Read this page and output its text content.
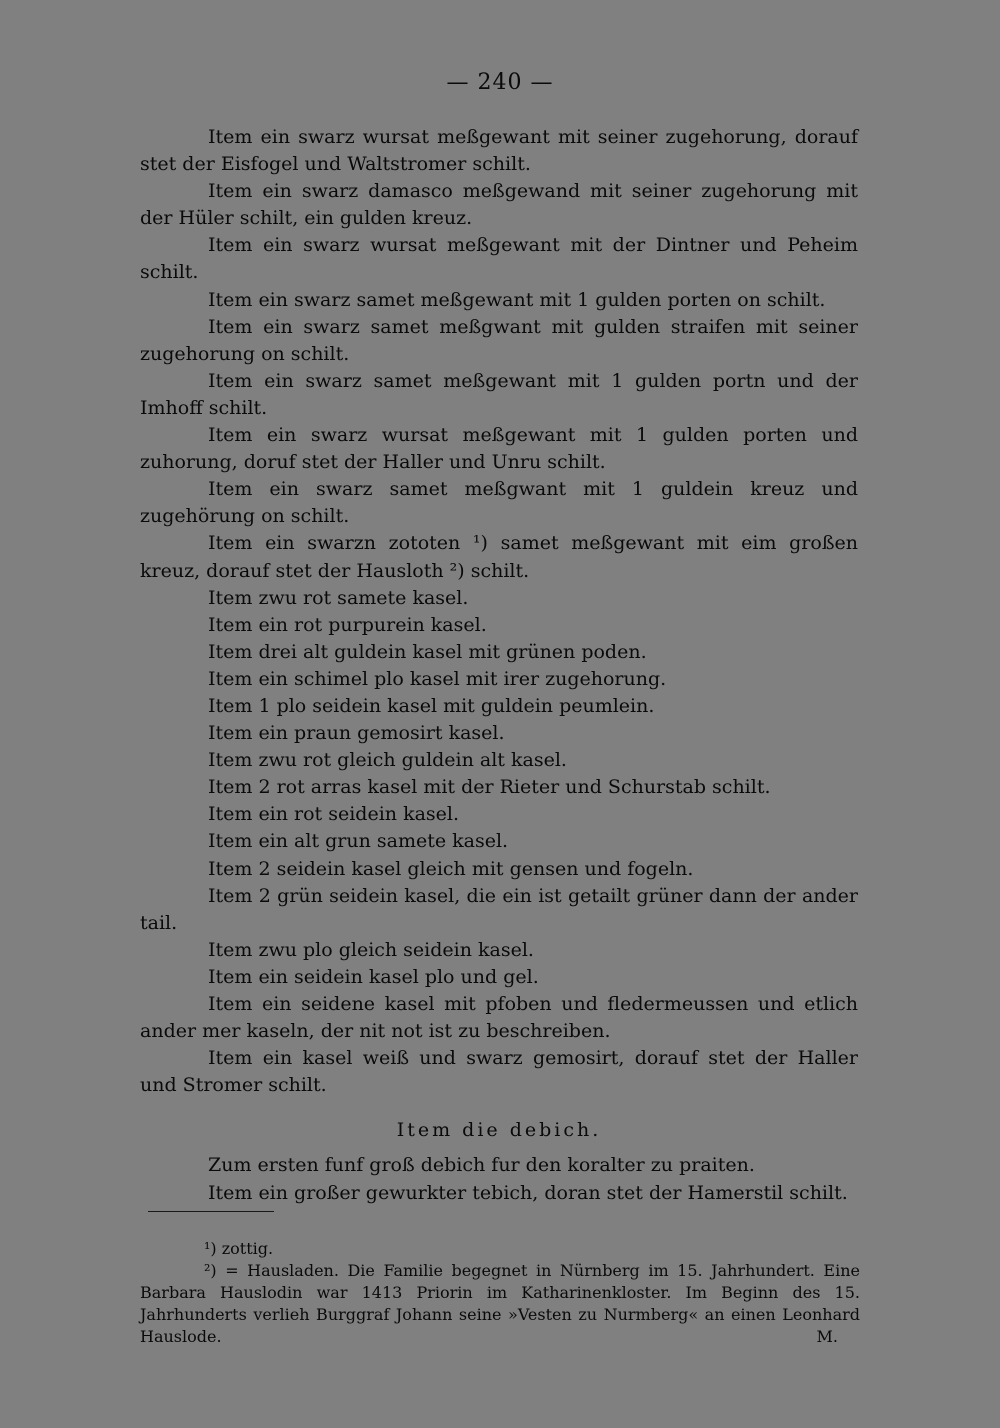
— 240 —

Item ein swarz wursat meßgewant mit seiner zugehorung, dorauf stet der Eisfogel und Waltstromer schilt.

Item ein swarz damasco meßgewand mit seiner zugehorung mit der Hüler schilt, ein gulden kreuz.

Item ein swarz wursat meßgewant mit der Dintner und Peheim schilt.

Item ein swarz samet meßgewant mit 1 gulden porten on schilt.

Item ein swarz samet meßgwant mit gulden straifen mit seiner zugehorung on schilt.

Item ein swarz samet meßgewant mit 1 gulden portn und der Imhoff schilt.

Item ein swarz wursat meßgewant mit 1 gulden porten und zuhorung, doruf stet der Haller und Unru schilt.

Item ein swarz samet meßgwant mit 1 guldein kreuz und zugehörung on schilt.

Item ein swarzn zototen ¹) samet meßgewant mit eim großen kreuz, dorauf stet der Hausloth ²) schilt.

Item zwu rot samete kasel.

Item ein rot purpurein kasel.

Item drei alt guldein kasel mit grünen poden.

Item ein schimel plo kasel mit irer zugehorung.

Item 1 plo seidein kasel mit guldein peumlein.

Item ein praun gemosirt kasel.

Item zwu rot gleich guldein alt kasel.

Item 2 rot arras kasel mit der Rieter und Schurstab schilt.

Item ein rot seidein kasel.

Item ein alt grun samete kasel.

Item 2 seidein kasel gleich mit gensen und fogeln.

Item 2 grün seidein kasel, die ein ist getailt grüner dann der ander tail.

Item zwu plo gleich seidein kasel.

Item ein seidein kasel plo und gel.

Item ein seidene kasel mit pfoben und fledermeussen und etlich ander mer kaseln, der nit not ist zu beschreiben.

Item ein kasel weiß und swarz gemosirt, dorauf stet der Haller und Stromer schilt.

Item die debich.

Zum ersten funf groß debich fur den koralter zu praiten.

Item ein großer gewurkter tebich, doran stet der Hamerstil schilt.

¹) zottig.

²) = Hausladen. Die Familie begegnet in Nürnberg im 15. Jahrhundert. Eine Barbara Hauslodin war 1413 Priorin im Katharinenkloster. Im Beginn des 15. Jahrhunderts verlieh Burggraf Johann seine »Vesten zu Nurmberg« an einen Leonhard Hauslode.	M.
